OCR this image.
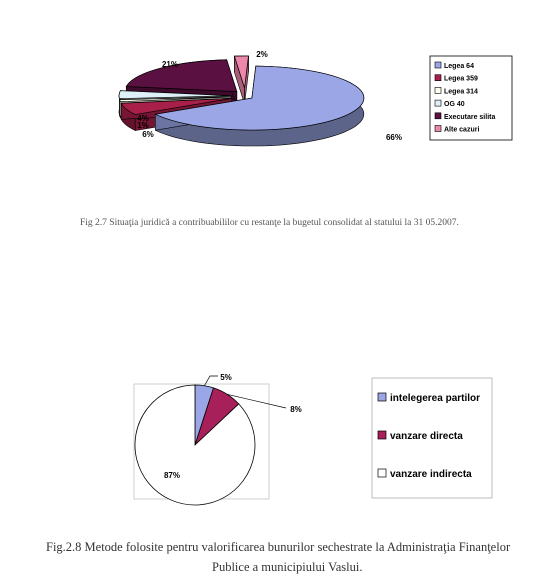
66%
6%
1%
4%
21%
2%
Legea 64
Legea 359
Legea 314
OG 40
Executare silita
Alte cazuri
5%
8%
87%
intelegerea partilor
vanzare directa
vanzare indirecta
Fig 2.7 Situaţia juridică a contribuabililor cu restanţe la bugetul consolidat al statului la 31 05.2007.
Fig.2.8 Metode folosite pentru valorificarea bunurilor sechestrate la Administraţia Finanţelor
Publice a municipiului Vaslui.
